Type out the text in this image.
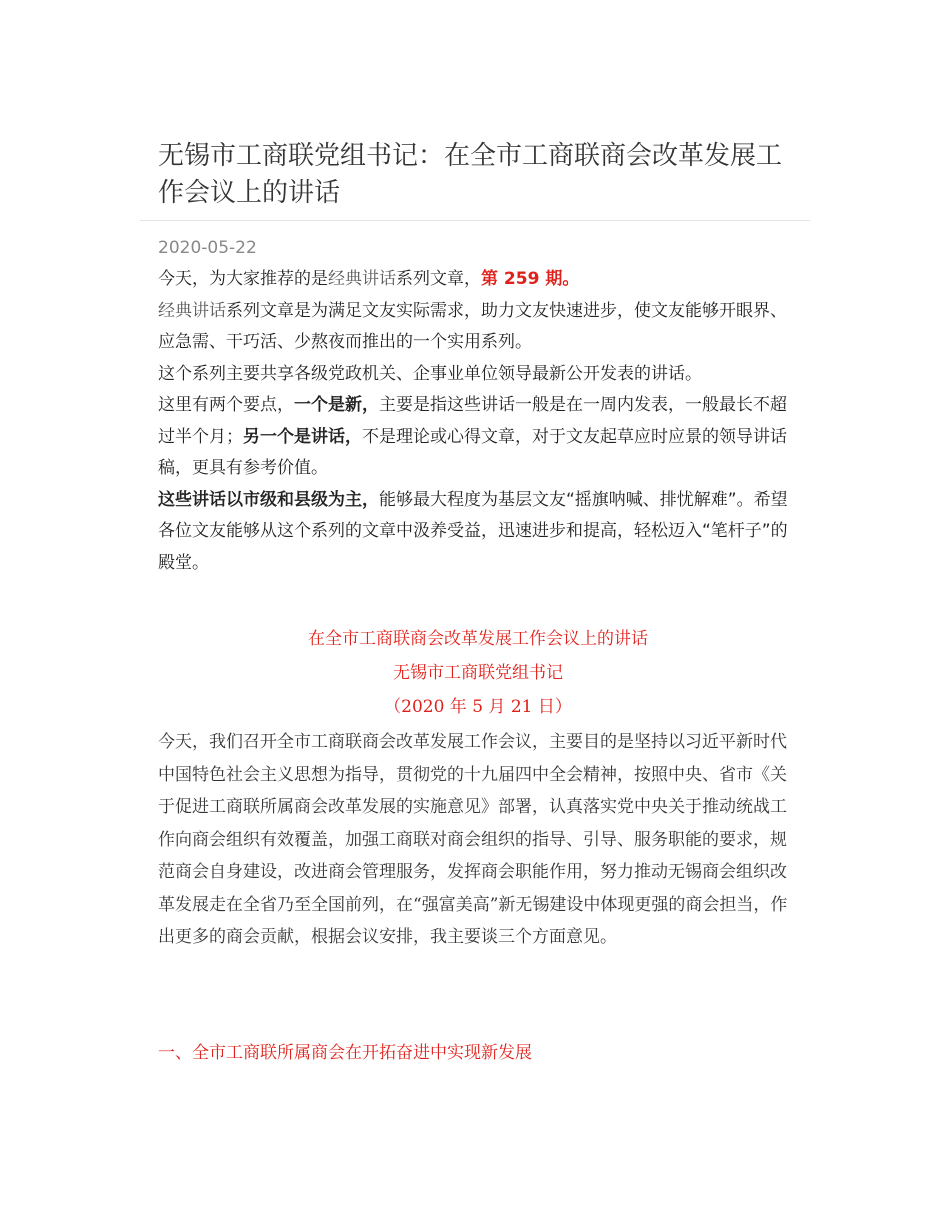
无锡市工商联党组书记：在全市工商联商会改革发展工作会议上的讲话
2020-05-22

今天，为大家推荐的是经典讲话系列文章，第 259 期。

经典讲话系列文章是为满足文友实际需求，助力文友快速进步，使文友能够开眼界、应急需、干巧活、少熬夜而推出的一个实用系列。

这个系列主要共享各级党政机关、企事业单位领导最新公开发表的讲话。

这里有两个要点，一个是新，主要是指这些讲话一般是在一周内发表，一般最长不超过半个月；另一个是讲话，不是理论或心得文章，对于文友起草应时应景的领导讲话稿，更具有参考价值。

这些讲话以市级和县级为主，能够最大程度为基层文友“摇旗呐喊、排忧解难”。希望各位文友能够从这个系列的文章中汲养受益，迅速进步和提高，轻松迈入“笔杆子”的殿堂。

在全市工商联商会改革发展工作会议上的讲话
无锡市工商联党组书记
（2020 年 5 月 21 日）

今天，我们召开全市工商联商会改革发展工作会议，主要目的是坚持以习近平新时代中国特色社会主义思想为指导，贯彻党的十九届四中全会精神，按照中央、省市《关于促进工商联所属商会改革发展的实施意见》部署，认真落实党中央关于推动统战工作向商会组织有效覆盖，加强工商联对商会组织的指导、引导、服务职能的要求，规范商会自身建设，改进商会管理服务，发挥商会职能作用，努力推动无锡商会组织改革发展走在全省乃至全国前列，在“强富美高”新无锡建设中体现更强的商会担当，作出更多的商会贡献，根据会议安排，我主要谈三个方面意见。

一、全市工商联所属商会在开拓奋进中实现新发展
